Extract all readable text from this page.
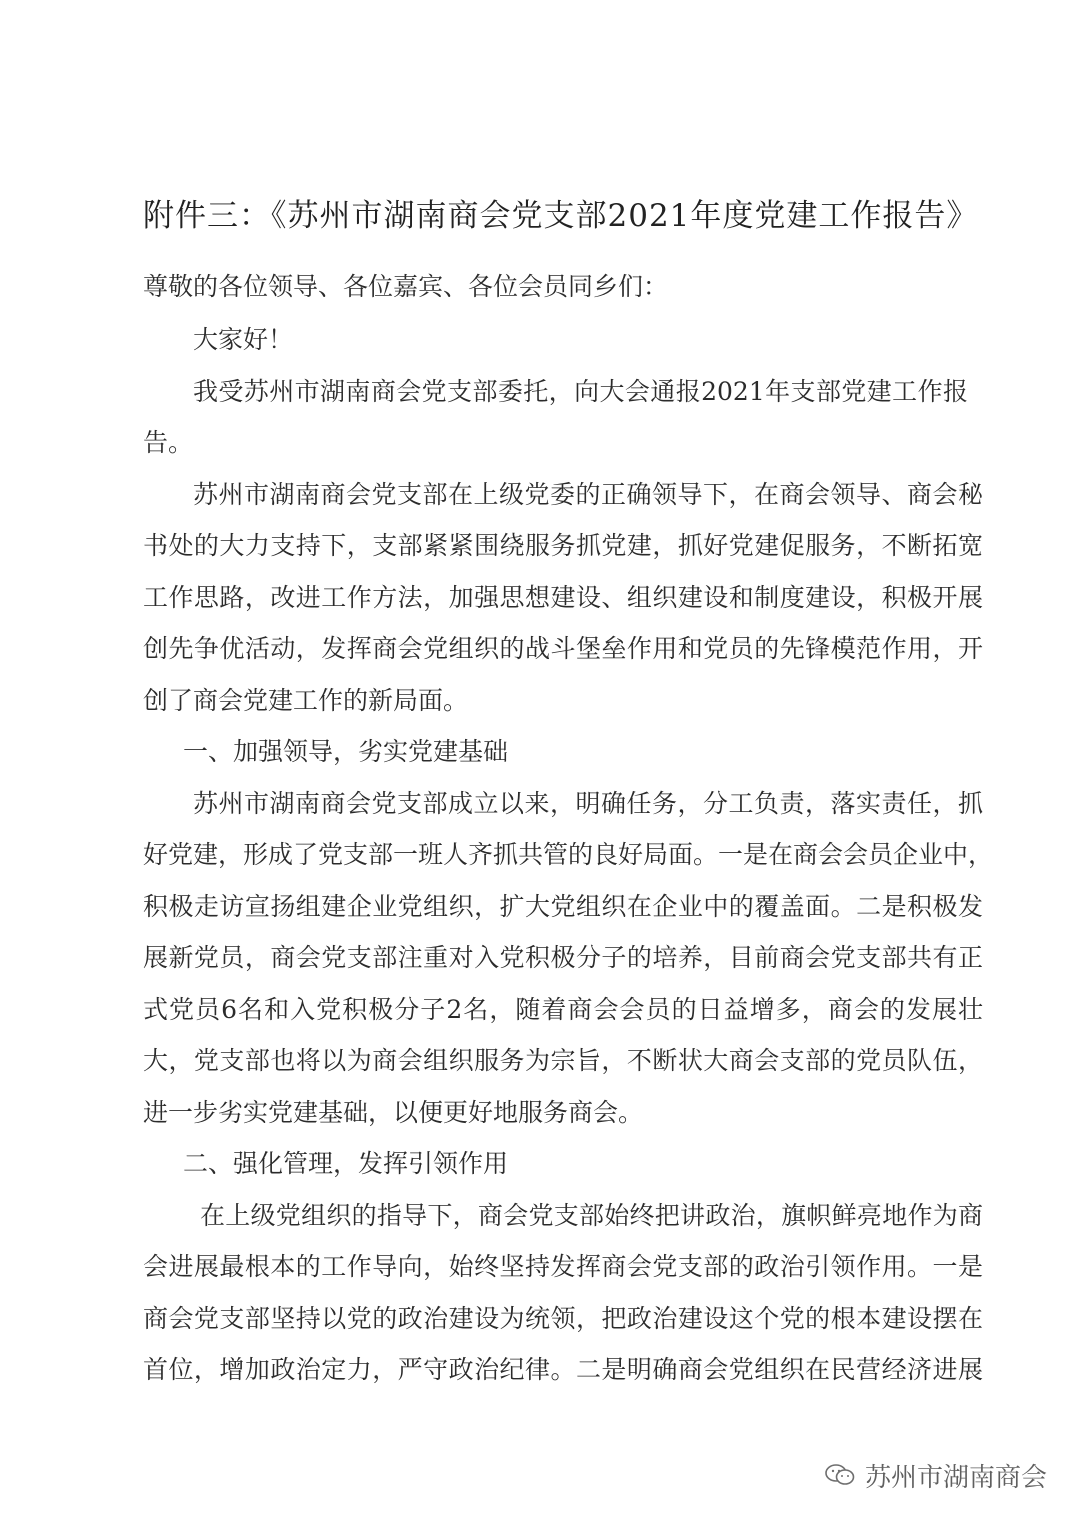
附件三：《苏州市湖南商会党支部2021年度党建工作报告》
尊敬的各位领导、各位嘉宾、各位会员同乡们：
大家好！
我受苏州市湖南商会党支部委托，向大会通报2021年支部党建工作报
告。
苏州市湖南商会党支部在上级党委的正确领导下，在商会领导、商会秘
书处的大力支持下，支部紧紧围绕服务抓党建，抓好党建促服务，不断拓宽
工作思路，改进工作方法，加强思想建设、组织建设和制度建设，积极开展
创先争优活动，发挥商会党组织的战斗堡垒作用和党员的先锋模范作用，开
创了商会党建工作的新局面。
一、加强领导，劣实党建基础
苏州市湖南商会党支部成立以来，明确任务，分工负责，落实责任，抓
好党建，形成了党支部一班人齐抓共管的良好局面。一是在商会会员企业中，
积极走访宣扬组建企业党组织，扩大党组织在企业中的覆盖面。二是积极发
展新党员，商会党支部注重对入党积极分子的培养，目前商会党支部共有正
式党员6名和入党积极分子2名，随着商会会员的日益增多，商会的发展壮
大，党支部也将以为商会组织服务为宗旨，不断状大商会支部的党员队伍，
进一步劣实党建基础，以便更好地服务商会。
二、强化管理，发挥引领作用
在上级党组织的指导下，商会党支部始终把讲政治，旗帜鲜亮地作为商
会进展最根本的工作导向，始终坚持发挥商会党支部的政治引领作用。一是
商会党支部坚持以党的政治建设为统领，把政治建设这个党的根本建设摆在
首位，增加政治定力，严守政治纪律。二是明确商会党组织在民营经济进展
苏州市湖南商会
